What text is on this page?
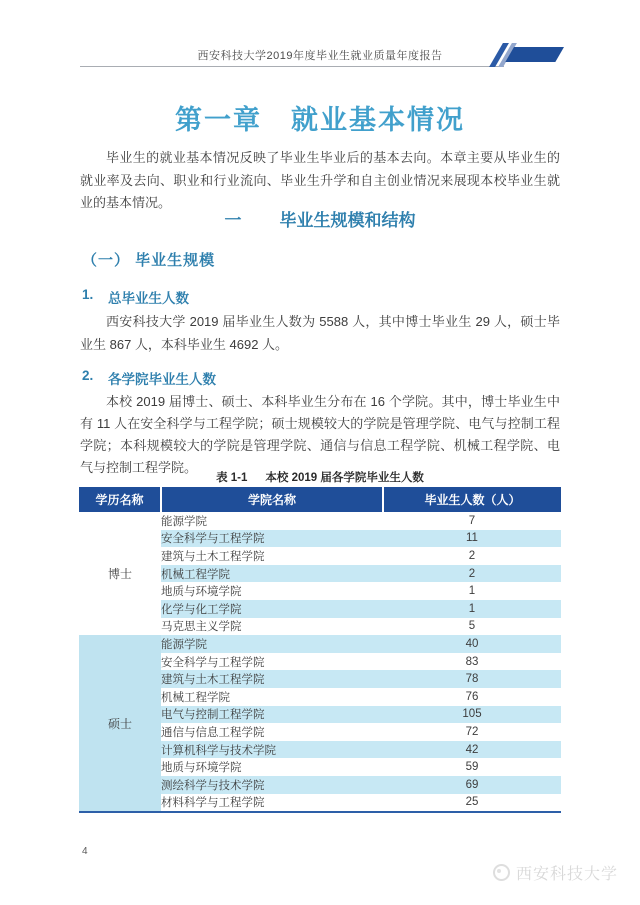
西安科技大学2019年度毕业生就业质量年度报告
第一章　就业基本情况
毕业生的就业基本情况反映了毕业生毕业后的基本去向。本章主要从毕业生的就业率及去向、职业和行业流向、毕业生升学和自主创业情况来展现本校毕业生就业的基本情况。
一 毕业生规模和结构
（一） 毕业生规模
1.	总毕业生人数
西安科技大学 2019 届毕业生人数为 5588 人，其中博士毕业生 29 人，硕士毕业生 867 人，本科毕业生 4692 人。
2.	各学院毕业生人数
本校 2019 届博士、硕士、本科毕业生分布在 16 个学院。其中，博士毕业生中有 11 人在安全科学与工程学院；硕士规模较大的学院是管理学院、电气与控制工程学院；本科规模较大的学院是管理学院、通信与信息工程学院、机械工程学院、电气与控制工程学院。
表 1-1 本校 2019 届各学院毕业生人数
学历名称	学院名称	毕业生人数（人）
博士	能源学院	7
	安全科学与工程学院	11
	建筑与土木工程学院	2
	机械工程学院	2
	地质与环境学院	1
	化学与化工学院	1
	马克思主义学院	5
硕士	能源学院	40
	安全科学与工程学院	83
	建筑与土木工程学院	78
	机械工程学院	76
	电气与控制工程学院	105
	通信与信息工程学院	72
	计算机科学与技术学院	42
	地质与环境学院	59
	测绘科学与技术学院	69
	材料科学与工程学院	25
4
西安科技大学
